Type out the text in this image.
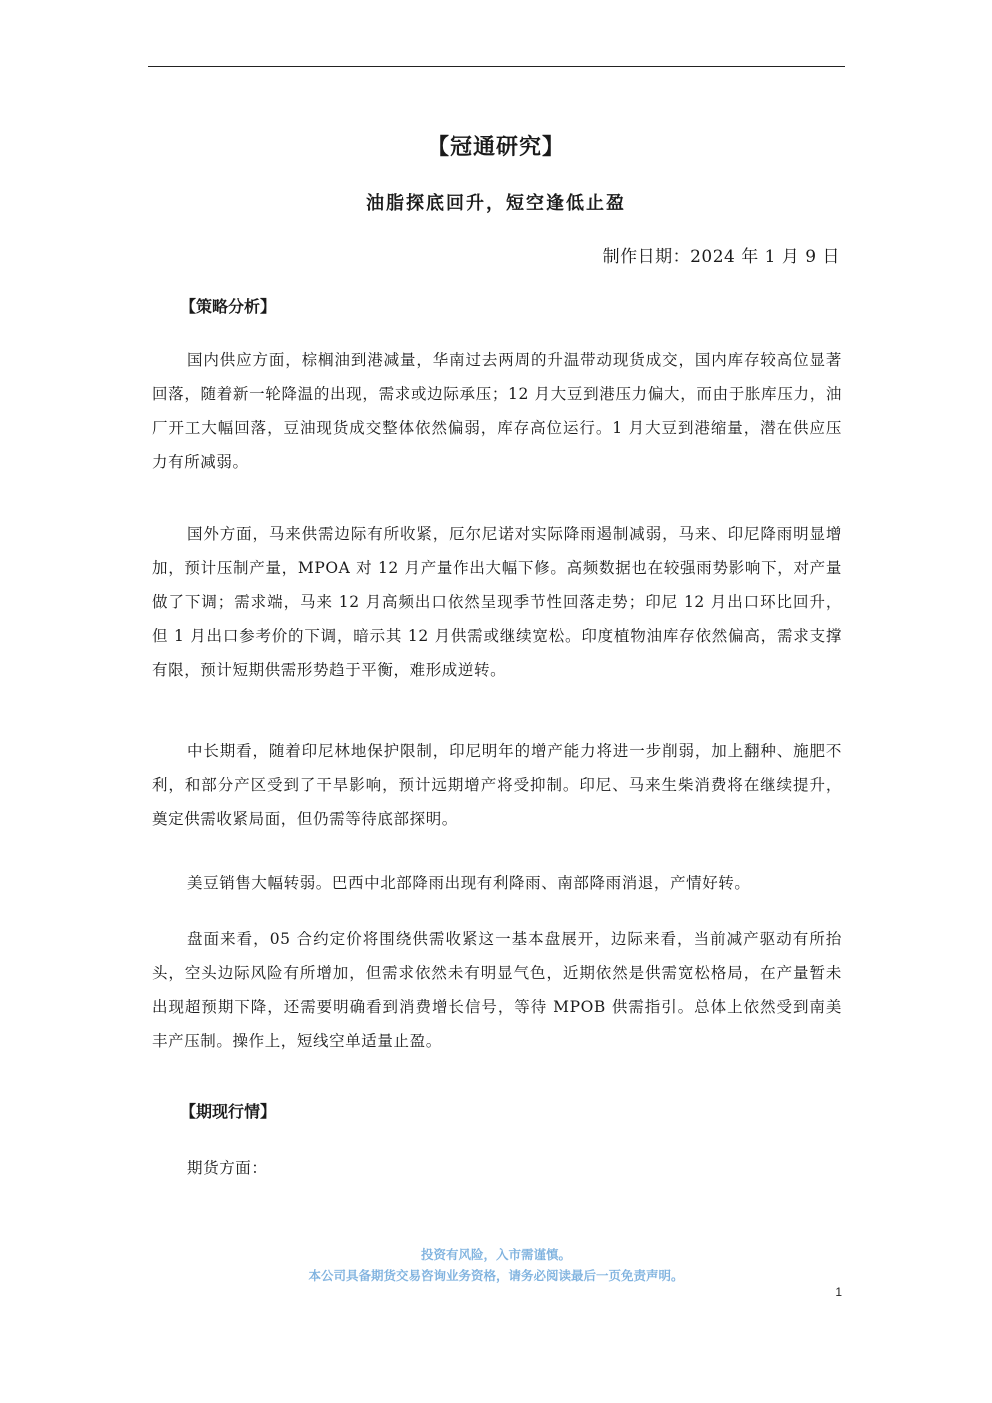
【冠通研究】
油脂探底回升，短空逢低止盈
制作日期：2024 年 1 月 9 日
【策略分析】
国内供应方面，棕榈油到港减量，华南过去两周的升温带动现货成交，国内库存较高位显著回落，随着新一轮降温的出现，需求或边际承压；12 月大豆到港压力偏大，而由于胀库压力，油厂开工大幅回落，豆油现货成交整体依然偏弱，库存高位运行。1 月大豆到港缩量，潜在供应压力有所减弱。
国外方面，马来供需边际有所收紧，厄尔尼诺对实际降雨遏制减弱，马来、印尼降雨明显增加，预计压制产量，MPOA 对 12 月产量作出大幅下修。高频数据也在较强雨势影响下，对产量做了下调；需求端，马来 12 月高频出口依然呈现季节性回落走势；印尼 12 月出口环比回升，但 1 月出口参考价的下调，暗示其 12 月供需或继续宽松。印度植物油库存依然偏高，需求支撑有限，预计短期供需形势趋于平衡，难形成逆转。
中长期看，随着印尼林地保护限制，印尼明年的增产能力将进一步削弱，加上翻种、施肥不利，和部分产区受到了干旱影响，预计远期增产将受抑制。印尼、马来生柴消费将在继续提升，奠定供需收紧局面，但仍需等待底部探明。
美豆销售大幅转弱。巴西中北部降雨出现有利降雨、南部降雨消退，产情好转。
盘面来看，05 合约定价将围绕供需收紧这一基本盘展开，边际来看，当前减产驱动有所抬头，空头边际风险有所增加，但需求依然未有明显气色，近期依然是供需宽松格局，在产量暂未出现超预期下降，还需要明确看到消费增长信号，等待 MPOB 供需指引。总体上依然受到南美丰产压制。操作上，短线空单适量止盈。
【期现行情】
期货方面：
投资有风险，入市需谨慎。
本公司具备期货交易咨询业务资格，请务必阅读最后一页免责声明。
1
